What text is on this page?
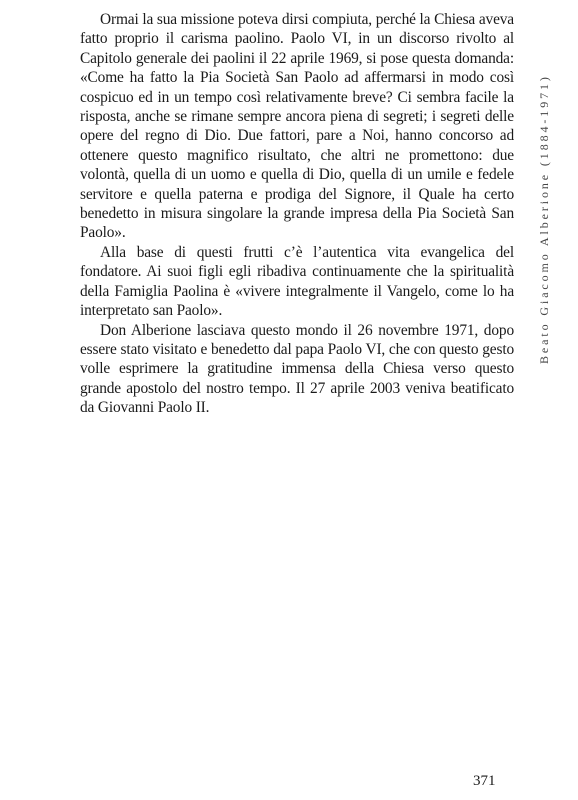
Ormai la sua missione poteva dirsi compiuta, perché la Chiesa aveva fatto proprio il carisma paolino. Paolo VI, in un discorso rivolto al Capitolo generale dei paolini il 22 aprile 1969, si pose questa domanda: «Come ha fatto la Pia Società San Paolo ad affermarsi in modo così cospicuo ed in un tempo così relativamente breve? Ci sembra facile la risposta, anche se rimane sempre ancora piena di segreti; i segreti delle opere del regno di Dio. Due fattori, pare a Noi, hanno concorso ad ottenere questo magnifico risultato, che altri ne promettono: due volontà, quella di un uomo e quella di Dio, quella di un umile e fedele servitore e quella paterna e prodiga del Signore, il Quale ha certo benedetto in misura singolare la grande impresa della Pia Società San Paolo».

Alla base di questi frutti c’è l’autentica vita evangelica del fondatore. Ai suoi figli egli ribadiva continuamente che la spiritualità della Famiglia Paolina è «vivere integralmente il Vangelo, come lo ha interpretato san Paolo».

Don Alberione lasciava questo mondo il 26 novembre 1971, dopo essere stato visitato e benedetto dal papa Paolo VI, che con questo gesto volle esprimere la gratitudine immensa della Chiesa verso questo grande apostolo del nostro tempo. Il 27 aprile 2003 veniva beatificato da Giovanni Paolo II.

Beato Giacomo Alberione (1884-1971)
371
